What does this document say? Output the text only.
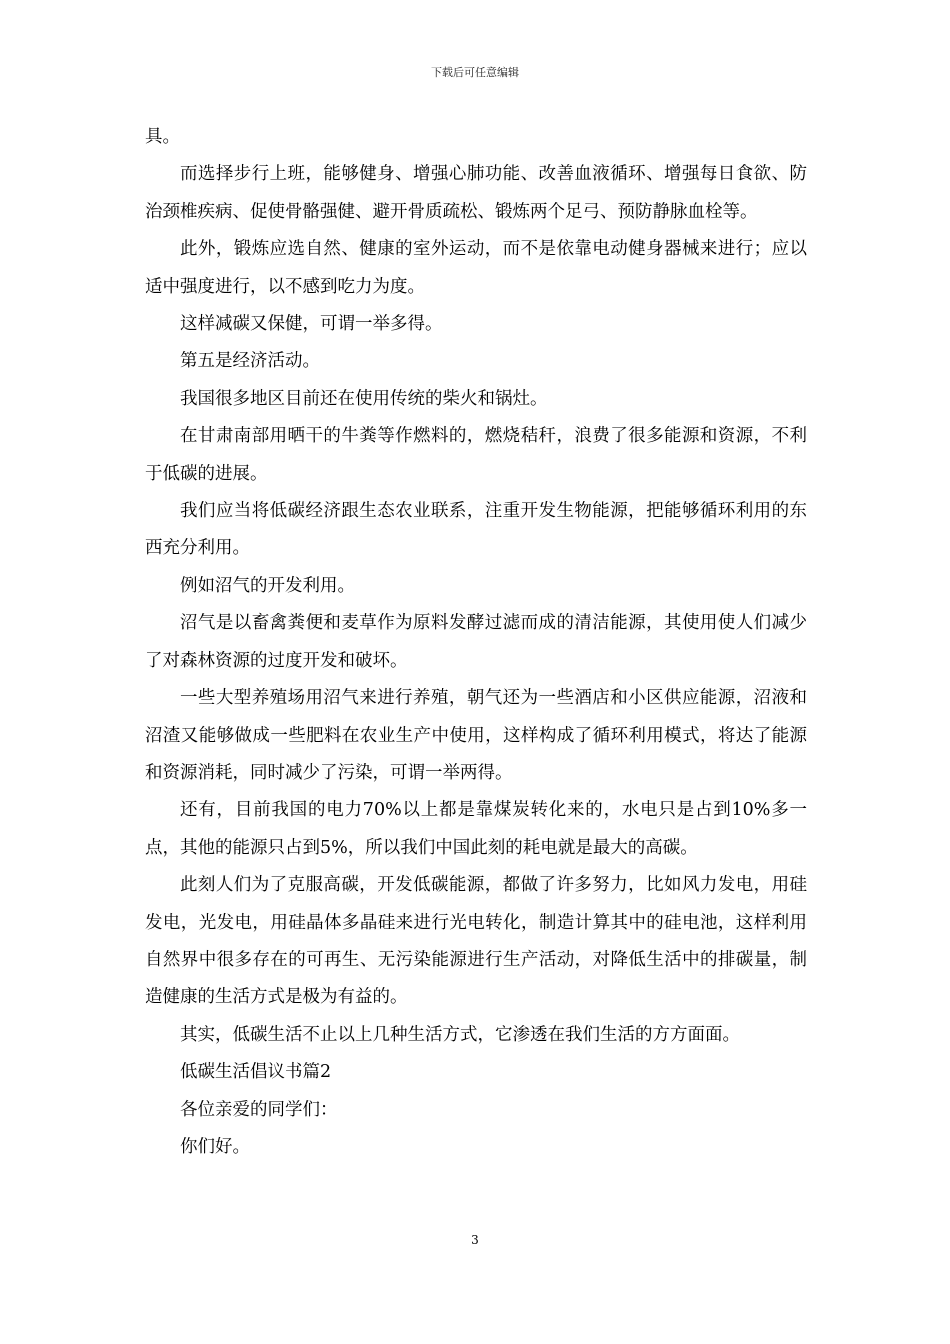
下载后可任意编辑

具。

而选择步行上班，能够健身、增强心肺功能、改善血液循环、增强每日食欲、防治颈椎疾病、促使骨骼强健、避开骨质疏松、锻炼两个足弓、预防静脉血栓等。

此外，锻炼应选自然、健康的室外运动，而不是依靠电动健身器械来进行；应以适中强度进行，以不感到吃力为度。

这样减碳又保健，可谓一举多得。

第五是经济活动。

我国很多地区目前还在使用传统的柴火和锅灶。

在甘肃南部用晒干的牛粪等作燃料的，燃烧秸秆，浪费了很多能源和资源，不利于低碳的进展。

我们应当将低碳经济跟生态农业联系，注重开发生物能源，把能够循环利用的东西充分利用。

例如沼气的开发利用。

沼气是以畜禽粪便和麦草作为原料发酵过滤而成的清洁能源，其使用使人们减少了对森林资源的过度开发和破坏。

一些大型养殖场用沼气来进行养殖，朝气还为一些酒店和小区供应能源，沼液和沼渣又能够做成一些肥料在农业生产中使用，这样构成了循环利用模式，将达了能源和资源消耗，同时减少了污染，可谓一举两得。

还有，目前我国的电力70%以上都是靠煤炭转化来的，水电只是占到10%多一点，其他的能源只占到5%，所以我们中国此刻的耗电就是最大的高碳。

此刻人们为了克服高碳，开发低碳能源，都做了许多努力，比如风力发电，用硅发电，光发电，用硅晶体多晶硅来进行光电转化，制造计算其中的硅电池，这样利用自然界中很多存在的可再生、无污染能源进行生产活动，对降低生活中的排碳量，制造健康的生活方式是极为有益的。

其实，低碳生活不止以上几种生活方式，它渗透在我们生活的方方面面。

低碳生活倡议书篇2

各位亲爱的同学们：

你们好。

3
